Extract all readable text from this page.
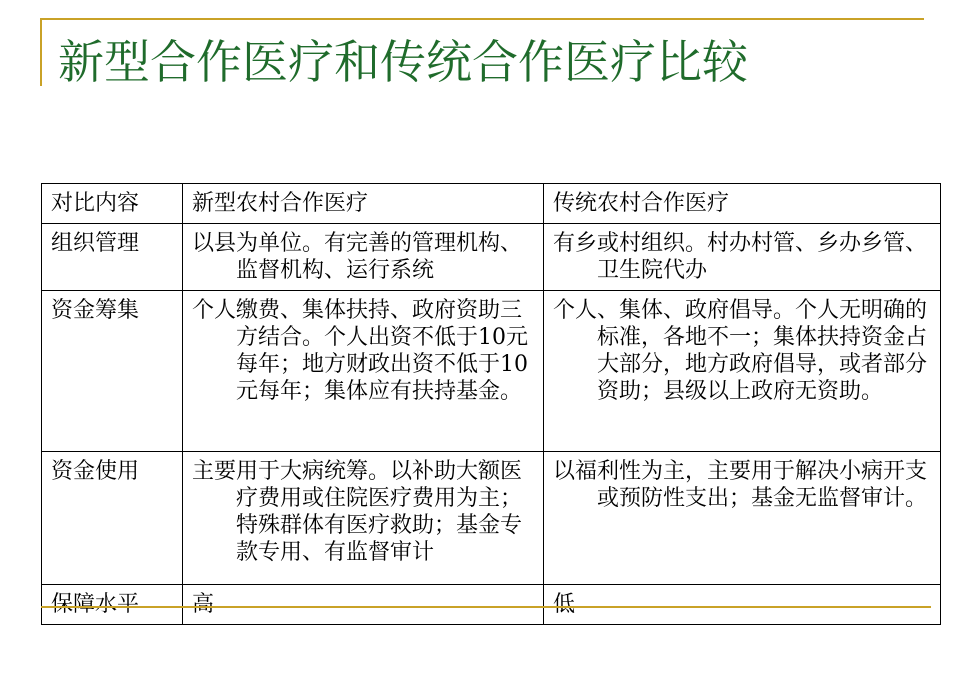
新型合作医疗和传统合作医疗比较
对比内容	新型农村合作医疗	传统农村合作医疗
组织管理	以县为单位。有完善的管理机构、监督机构、运行系统	有乡或村组织。村办村管、乡办乡管、卫生院代办

资金筹集	个人缴费、集体扶持、政府资助三方结合。个人出资不低于10元每年；地方财政出资不低于10元每年；集体应有扶持基金。	个人、集体、政府倡导。个人无明确的标准，各地不一；集体扶持资金占大部分，地方政府倡导，或者部分资助；县级以上政府无资助。

资金使用	主要用于大病统筹。以补助大额医疗费用或住院医疗费用为主；特殊群体有医疗救助；基金专款专用、有监督审计	以福利性为主，主要用于解决小病开支或预防性支出；基金无监督审计。

保障水平	高	低
